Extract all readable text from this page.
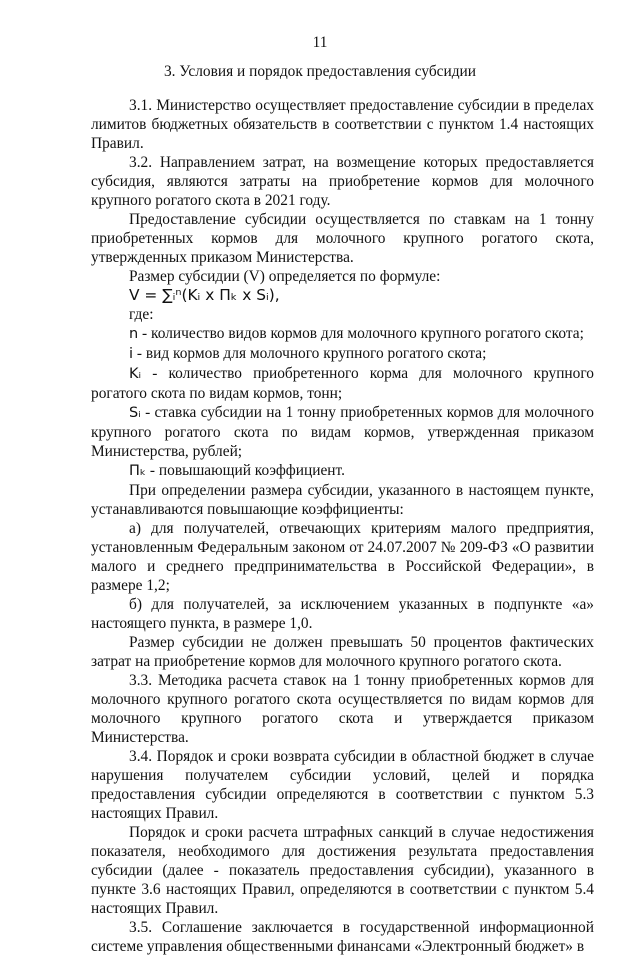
11
3. Условия и порядок предоставления субсидии

3.1. Министерство осуществляет предоставление субсидии в пределах лимитов бюджетных обязательств в соответствии с пунктом 1.4 настоящих Правил.

3.2. Направлением затрат, на возмещение которых предоставляется субсидия, являются затраты на приобретение кормов для молочного крупного рогатого скота в 2021 году.

Предоставление субсидии осуществляется по ставкам на 1 тонну приобретенных кормов для молочного крупного рогатого скота, утвержденных приказом Министерства.

Размер субсидии (V) определяется по формуле:

V = ∑ᵢⁿ(Kᵢ x Пₖ x Sᵢ),

где:

n - количество видов кормов для молочного крупного рогатого скота;

i - вид кормов для молочного крупного рогатого скота;

Kᵢ - количество приобретенного корма для молочного крупного рогатого скота по видам кормов, тонн;

Sᵢ - ставка субсидии на 1 тонну приобретенных кормов для молочного крупного рогатого скота по видам кормов, утвержденная приказом Министерства, рублей;

Пₖ - повышающий коэффициент.

При определении размера субсидии, указанного в настоящем пункте, устанавливаются повышающие коэффициенты:

а) для получателей, отвечающих критериям малого предприятия, установленным Федеральным законом от 24.07.2007 № 209-ФЗ «О развитии малого и среднего предпринимательства в Российской Федерации», в размере 1,2;

б) для получателей, за исключением указанных в подпункте «а» настоящего пункта, в размере 1,0.

Размер субсидии не должен превышать 50 процентов фактических затрат на приобретение кормов для молочного крупного рогатого скота.

3.3. Методика расчета ставок на 1 тонну приобретенных кормов для молочного крупного рогатого скота осуществляется по видам кормов для молочного крупного рогатого скота и утверждается приказом Министерства.

3.4. Порядок и сроки возврата субсидии в областной бюджет в случае нарушения получателем субсидии условий, целей и порядка предоставления субсидии определяются в соответствии с пунктом 5.3 настоящих Правил.

Порядок и сроки расчета штрафных санкций в случае недостижения показателя, необходимого для достижения результата предоставления субсидии (далее - показатель предоставления субсидии), указанного в пункте 3.6 настоящих Правил, определяются в соответствии с пунктом 5.4 настоящих Правил.

3.5. Соглашение заключается в государственной информационной системе управления общественными финансами «Электронный бюджет» в
